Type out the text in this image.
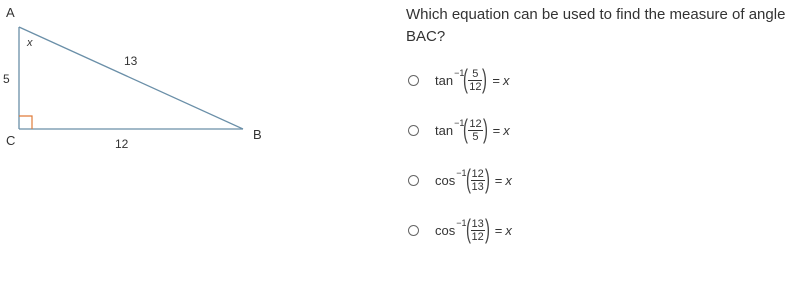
A
B
C
x
5
13
12
Which equation can be used to find the measure of angle BAC?
tan −1 ( $\frac{5}{12}$ ) = x
tan −1 ( $\frac{12}{5}$ ) = x
cos −1 ( $\frac{12}{13}$ ) = x
cos −1 ( $\frac{13}{12}$ ) = x
